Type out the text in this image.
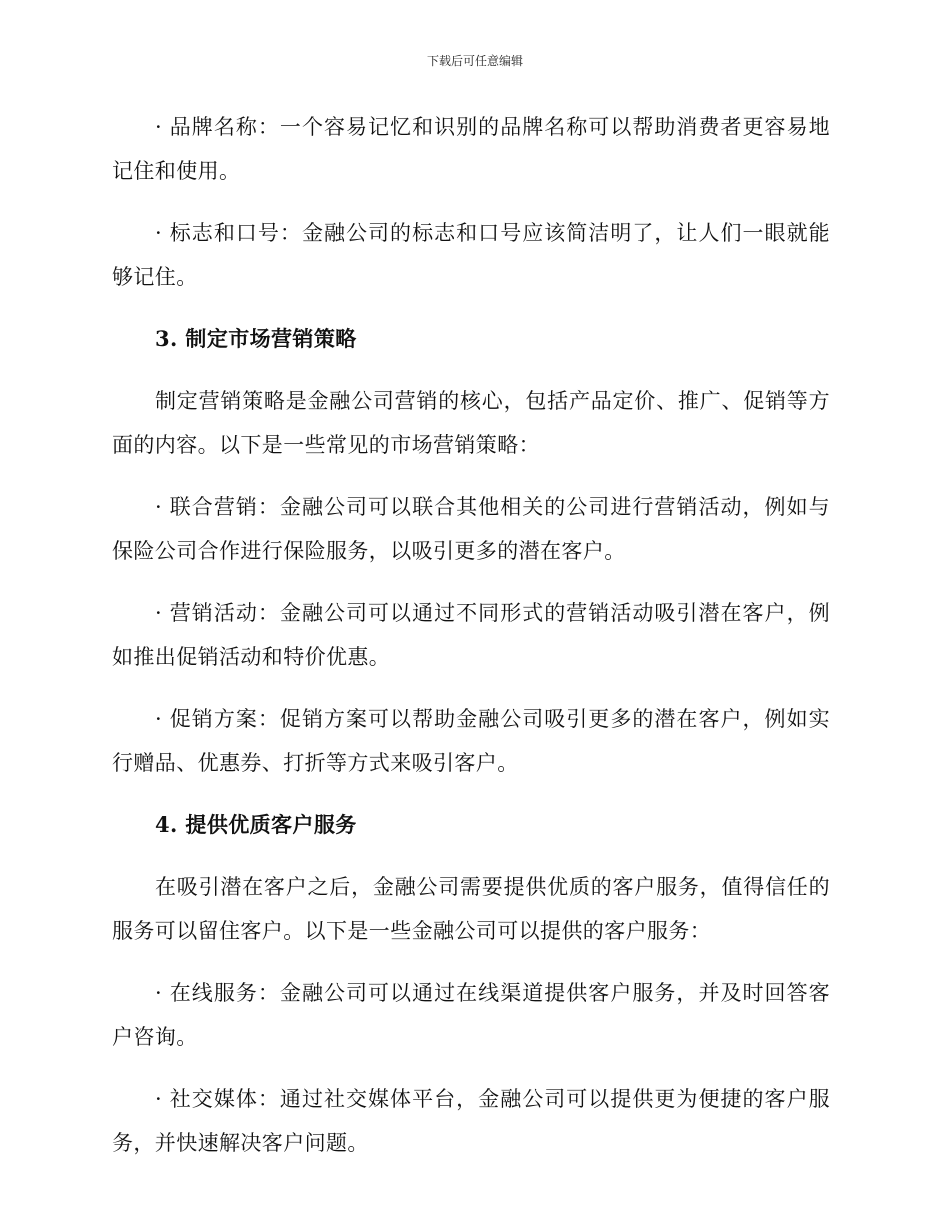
下载后可任意编辑

· 品牌名称：一个容易记忆和识别的品牌名称可以帮助消费者更容易地记住和使用。

· 标志和口号：金融公司的标志和口号应该简洁明了，让人们一眼就能够记住。

3. 制定市场营销策略

制定营销策略是金融公司营销的核心，包括产品定价、推广、促销等方面的内容。以下是一些常见的市场营销策略：

· 联合营销：金融公司可以联合其他相关的公司进行营销活动，例如与保险公司合作进行保险服务，以吸引更多的潜在客户。

· 营销活动：金融公司可以通过不同形式的营销活动吸引潜在客户，例如推出促销活动和特价优惠。

· 促销方案：促销方案可以帮助金融公司吸引更多的潜在客户，例如实行赠品、优惠券、打折等方式来吸引客户。

4. 提供优质客户服务

在吸引潜在客户之后，金融公司需要提供优质的客户服务，值得信任的服务可以留住客户。以下是一些金融公司可以提供的客户服务：

· 在线服务：金融公司可以通过在线渠道提供客户服务，并及时回答客户咨询。

· 社交媒体：通过社交媒体平台，金融公司可以提供更为便捷的客户服务，并快速解决客户问题。
